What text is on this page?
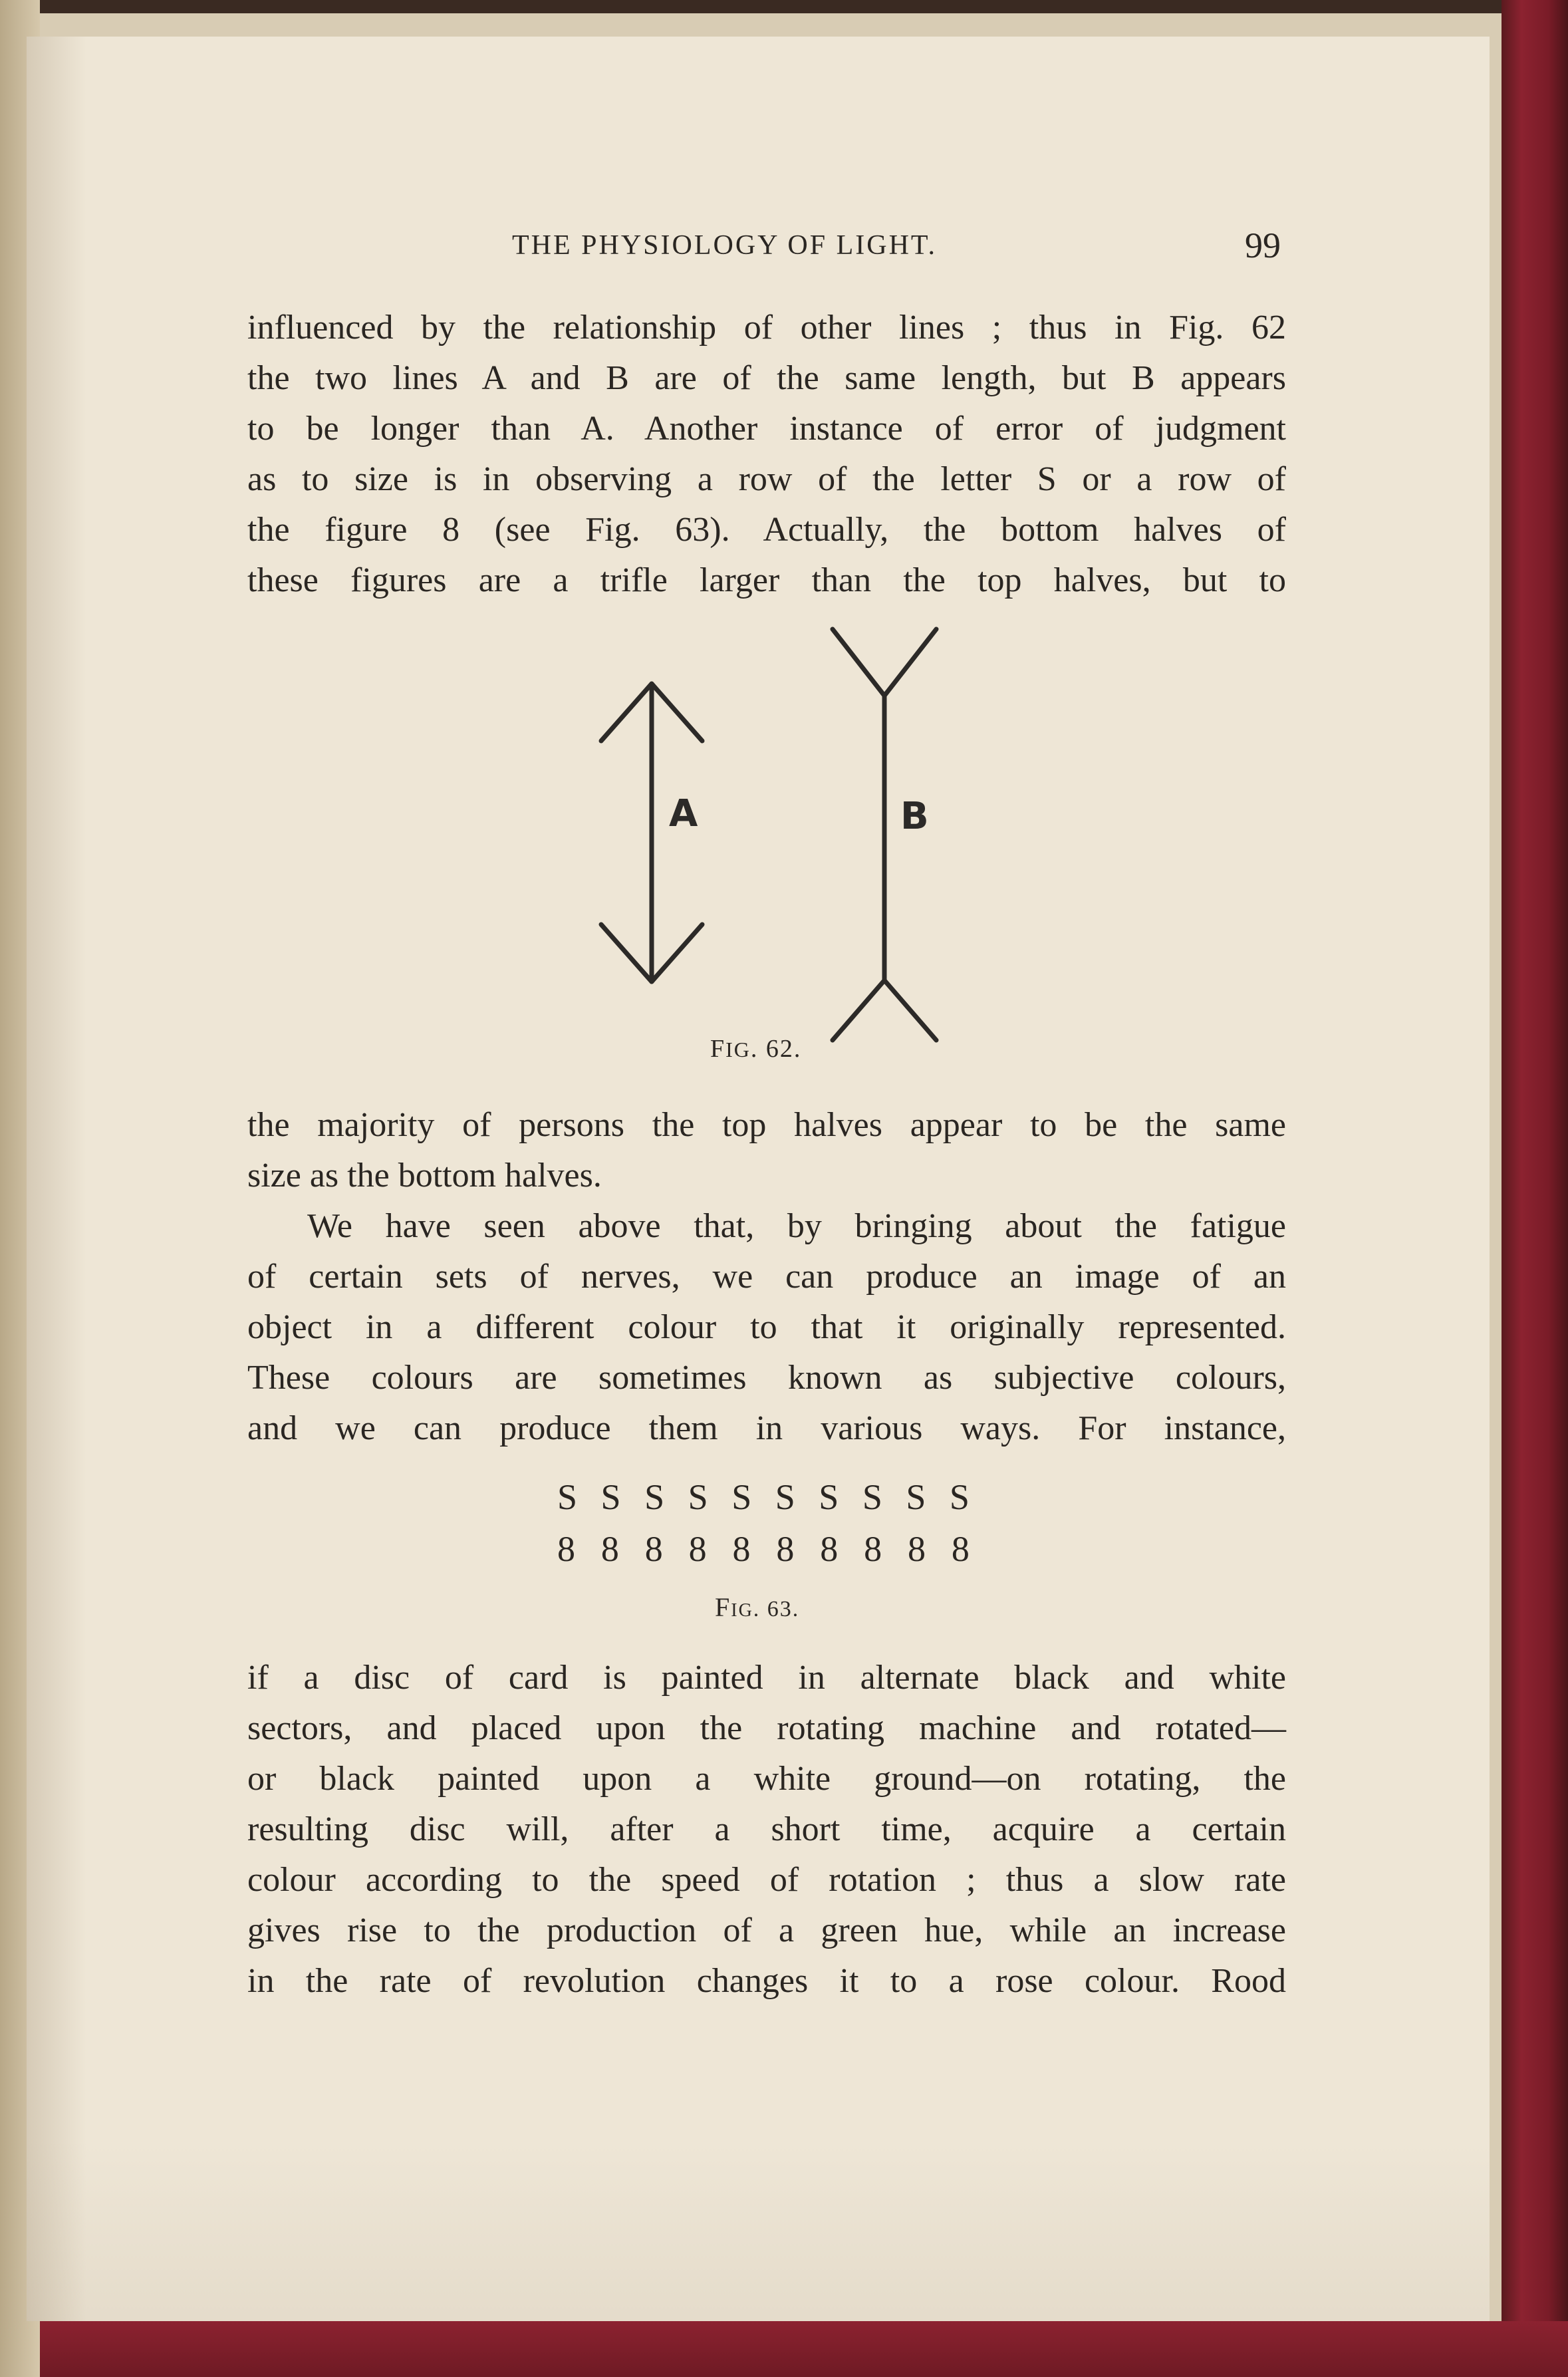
THE PHYSIOLOGY OF LIGHT.	99
influenced by the relationship of other lines ; thus in Fig. 62
the two lines A and B are of the same length, but B appears
to be longer than A. Another instance of error of judgment
as to size is in observing a row of the letter S or a row of
the figure 8 (see Fig. 63). Actually, the bottom halves of
these figures are a trifle larger than the top halves, but to
A	B
FIG. 62.
the majority of persons the top halves appear to be the same
size as the bottom halves.
We have seen above that, by bringing about the fatigue
of certain sets of nerves, we can produce an image of an
object in a different colour to that it originally represented.
These colours are sometimes known as subjective colours,
and we can produce them in various ways. For instance,
S S S S S S S S S S
8 8 8 8 8 8 8 8 8 8
FIG. 63.
if a disc of card is painted in alternate black and white
sectors, and placed upon the rotating machine and rotated—
or black painted upon a white ground—on rotating, the
resulting disc will, after a short time, acquire a certain
colour according to the speed of rotation ; thus a slow rate
gives rise to the production of a green hue, while an increase
in the rate of revolution changes it to a rose colour. Rood
